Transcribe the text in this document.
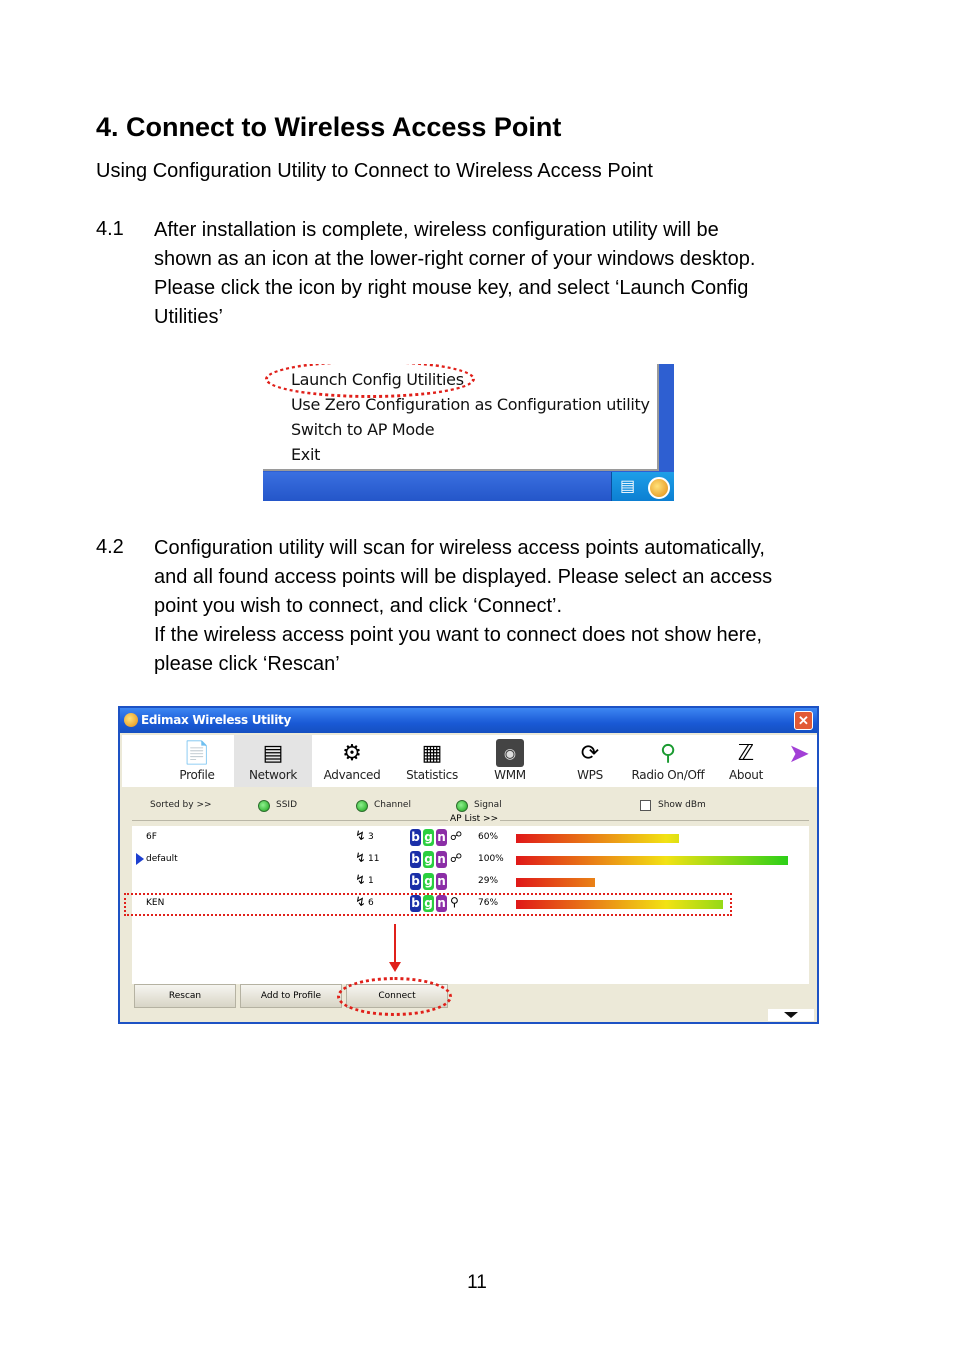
4. Connect to Wireless Access Point
Using Configuration Utility to Connect to Wireless Access Point
4.1 After installation is complete, wireless configuration utility will be
shown as an icon at the lower-right corner of your windows desktop.
Please click the icon by right mouse key, and select ‘Launch Config
Utilities’
Launch Config Utilities
Use Zero Configuration as Configuration utility
Switch to AP Mode
Exit
▤
4.2 Configuration utility will scan for wireless access points automatically,
and all found access points will be displayed. Please select an access
point you wish to connect, and click ‘Connect’.
If the wireless access point you want to connect does not show here,
please click ‘Rescan’
Edimax Wireless Utility	✕
📄
Profile
▤
Network
⚙
Advanced
▦
Statistics
◉
WMM
⟳
WPS
⚲
Radio On/Off
ℤ
About
➤
Sorted by >>	SSID	Channel	Signal	Show dBm
AP List >>
6F	↯ 3	b g n ☍ 60%
default	↯ 11	b g n ☍ 100%
↯ 1	b g n	29%
KEN	↯ 6	b g n ⚲ 76%
Rescan	Add to Profile	Connect
11
